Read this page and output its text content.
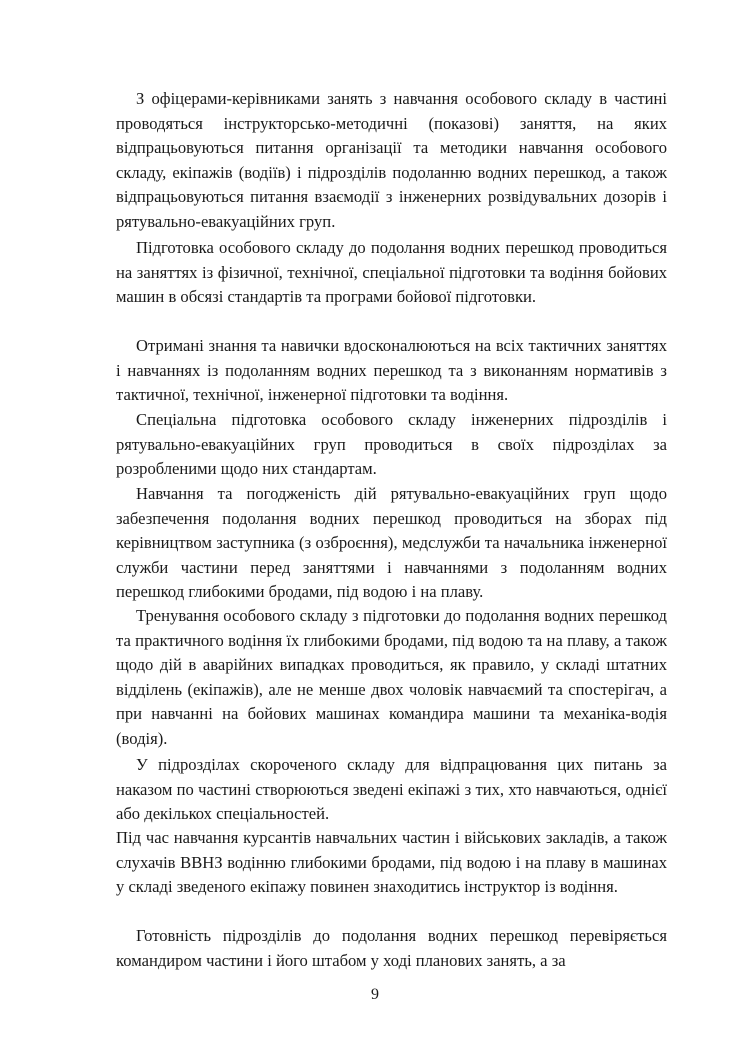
З офіцерами-керівниками занять з навчання особового складу в частині проводяться інструкторсько-методичні (показові) заняття, на яких відпрацьовуються питання організації та методики навчання особового складу, екіпажів (водіїв) і підрозділів подоланню водних перешкод, а також відпрацьовуються питання взаємодії з інженерних розвідувальних дозорів і рятувально-евакуаційних груп.

Підготовка особового складу до подолання водних перешкод проводиться на заняттях із фізичної, технічної, спеціальної підготовки та водіння бойових машин в обсязі стандартів та програми бойової підготовки.

Отримані знання та навички вдосконалюються на всіх тактичних заняттях і навчаннях із подоланням водних перешкод та з виконанням нормативів з тактичної, технічної, інженерної підготовки та водіння.

Спеціальна підготовка особового складу інженерних підрозділів і рятувально-евакуаційних груп проводиться в своїх підрозділах за розробленими щодо них стандартам.

Навчання та погодженість дій рятувально-евакуаційних груп щодо забезпечення подолання водних перешкод проводиться на зборах під керівництвом заступника (з озброєння), медслужби та начальника інженерної служби частини перед заняттями і навчаннями з подоланням водних перешкод глибокими бродами, під водою і на плаву.

Тренування особового складу з підготовки до подолання водних перешкод та практичного водіння їх глибокими бродами, під водою та на плаву, а також щодо дій в аварійних випадках проводиться, як правило, у складі штатних відділень (екіпажів), але не менше двох чоловік навчаємий та спостерігач, а при навчанні на бойових машинах командира машини та механіка-водія (водія).

У підрозділах скороченого складу для відпрацювання цих питань за наказом по частині створюються зведені екіпажі з тих, хто навчаються, однієї або декількох спеціальностей.

Під час навчання курсантів навчальних частин і військових закладів, а також слухачів ВВНЗ водінню глибокими бродами, під водою і на плаву в машинах у складі зведеного екіпажу повинен знаходитись інструктор із водіння.

Готовність підрозділів до подолання водних перешкод перевіряється командиром частини і його штабом у ході планових занять, а за

9
